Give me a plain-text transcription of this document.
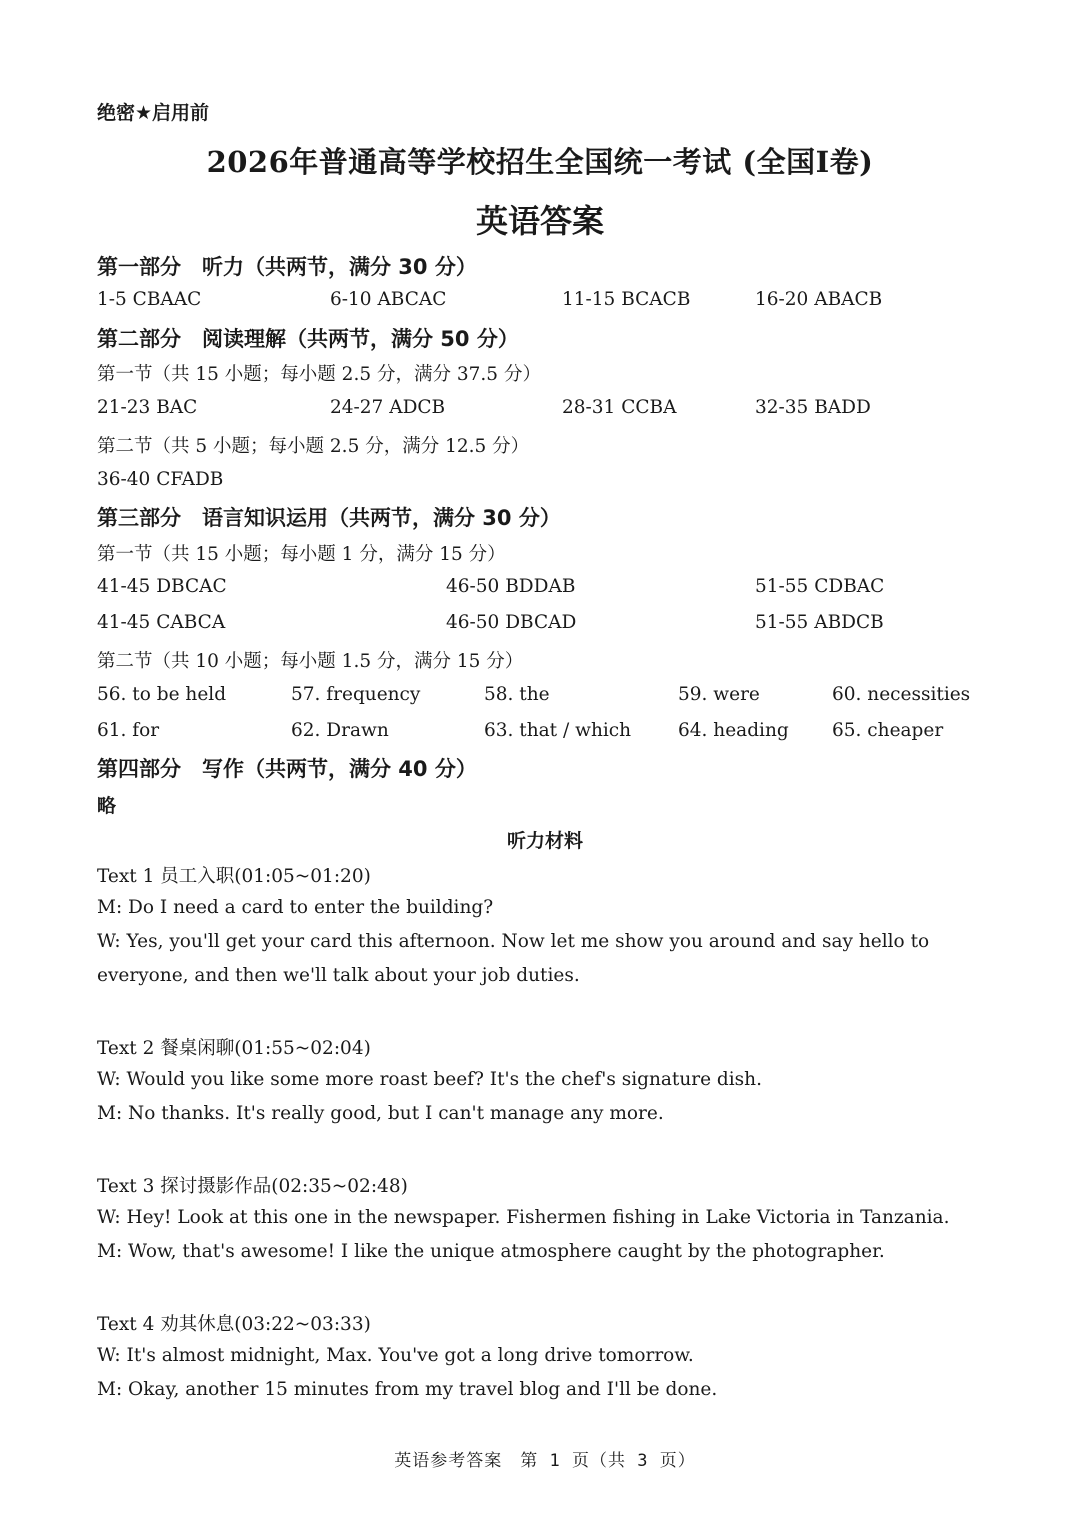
绝密★启用前
2026年普通高等学校招生全国统一考试 (全国I卷)
英语答案
第一部分　听力（共两节，满分 30 分）
1-5 CBAAC	6-10 ABCAC	11-15 BCACB	16-20 ABACB
第二部分　阅读理解（共两节，满分 50 分）
第一节（共 15 小题；每小题 2.5 分，满分 37.5 分）
21-23 BAC	24-27 ADCB	28-31 CCBA	32-35 BADD
第二节（共 5 小题；每小题 2.5 分，满分 12.5 分）
36-40 CFADB
第三部分　语言知识运用（共两节，满分 30 分）
第一节（共 15 小题；每小题 1 分，满分 15 分）
41-45 DBCAC	46-50 BDDAB	51-55 CDBAC
41-45 CABCA	46-50 DBCAD	51-55 ABDCB
第二节（共 10 小题；每小题 1.5 分，满分 15 分）
56. to be held	57. frequency	58. the	59. were	60. necessities
61. for	62. Drawn	63. that / which	64. heading 65. cheaper
第四部分　写作（共两节，满分 40 分）
略
听力材料
Text 1 员工入职(01:05~01:20)
M: Do I need a card to enter the building?
W: Yes, you'll get your card this afternoon. Now let me show you around and say hello to everyone, and then we'll talk about your job duties.
Text 2 餐桌闲聊(01:55~02:04)
W: Would you like some more roast beef? It's the chef's signature dish.
M: No thanks. It's really good, but I can't manage any more.
Text 3 探讨摄影作品(02:35~02:48)
W: Hey! Look at this one in the newspaper. Fishermen fishing in Lake Victoria in Tanzania.
M: Wow, that's awesome! I like the unique atmosphere caught by the photographer.
Text 4 劝其休息(03:22~03:33)
W: It's almost midnight, Max. You've got a long drive tomorrow.
M: Okay, another 15 minutes from my travel blog and I'll be done.
英语参考答案　第 1 页（共 3 页）
